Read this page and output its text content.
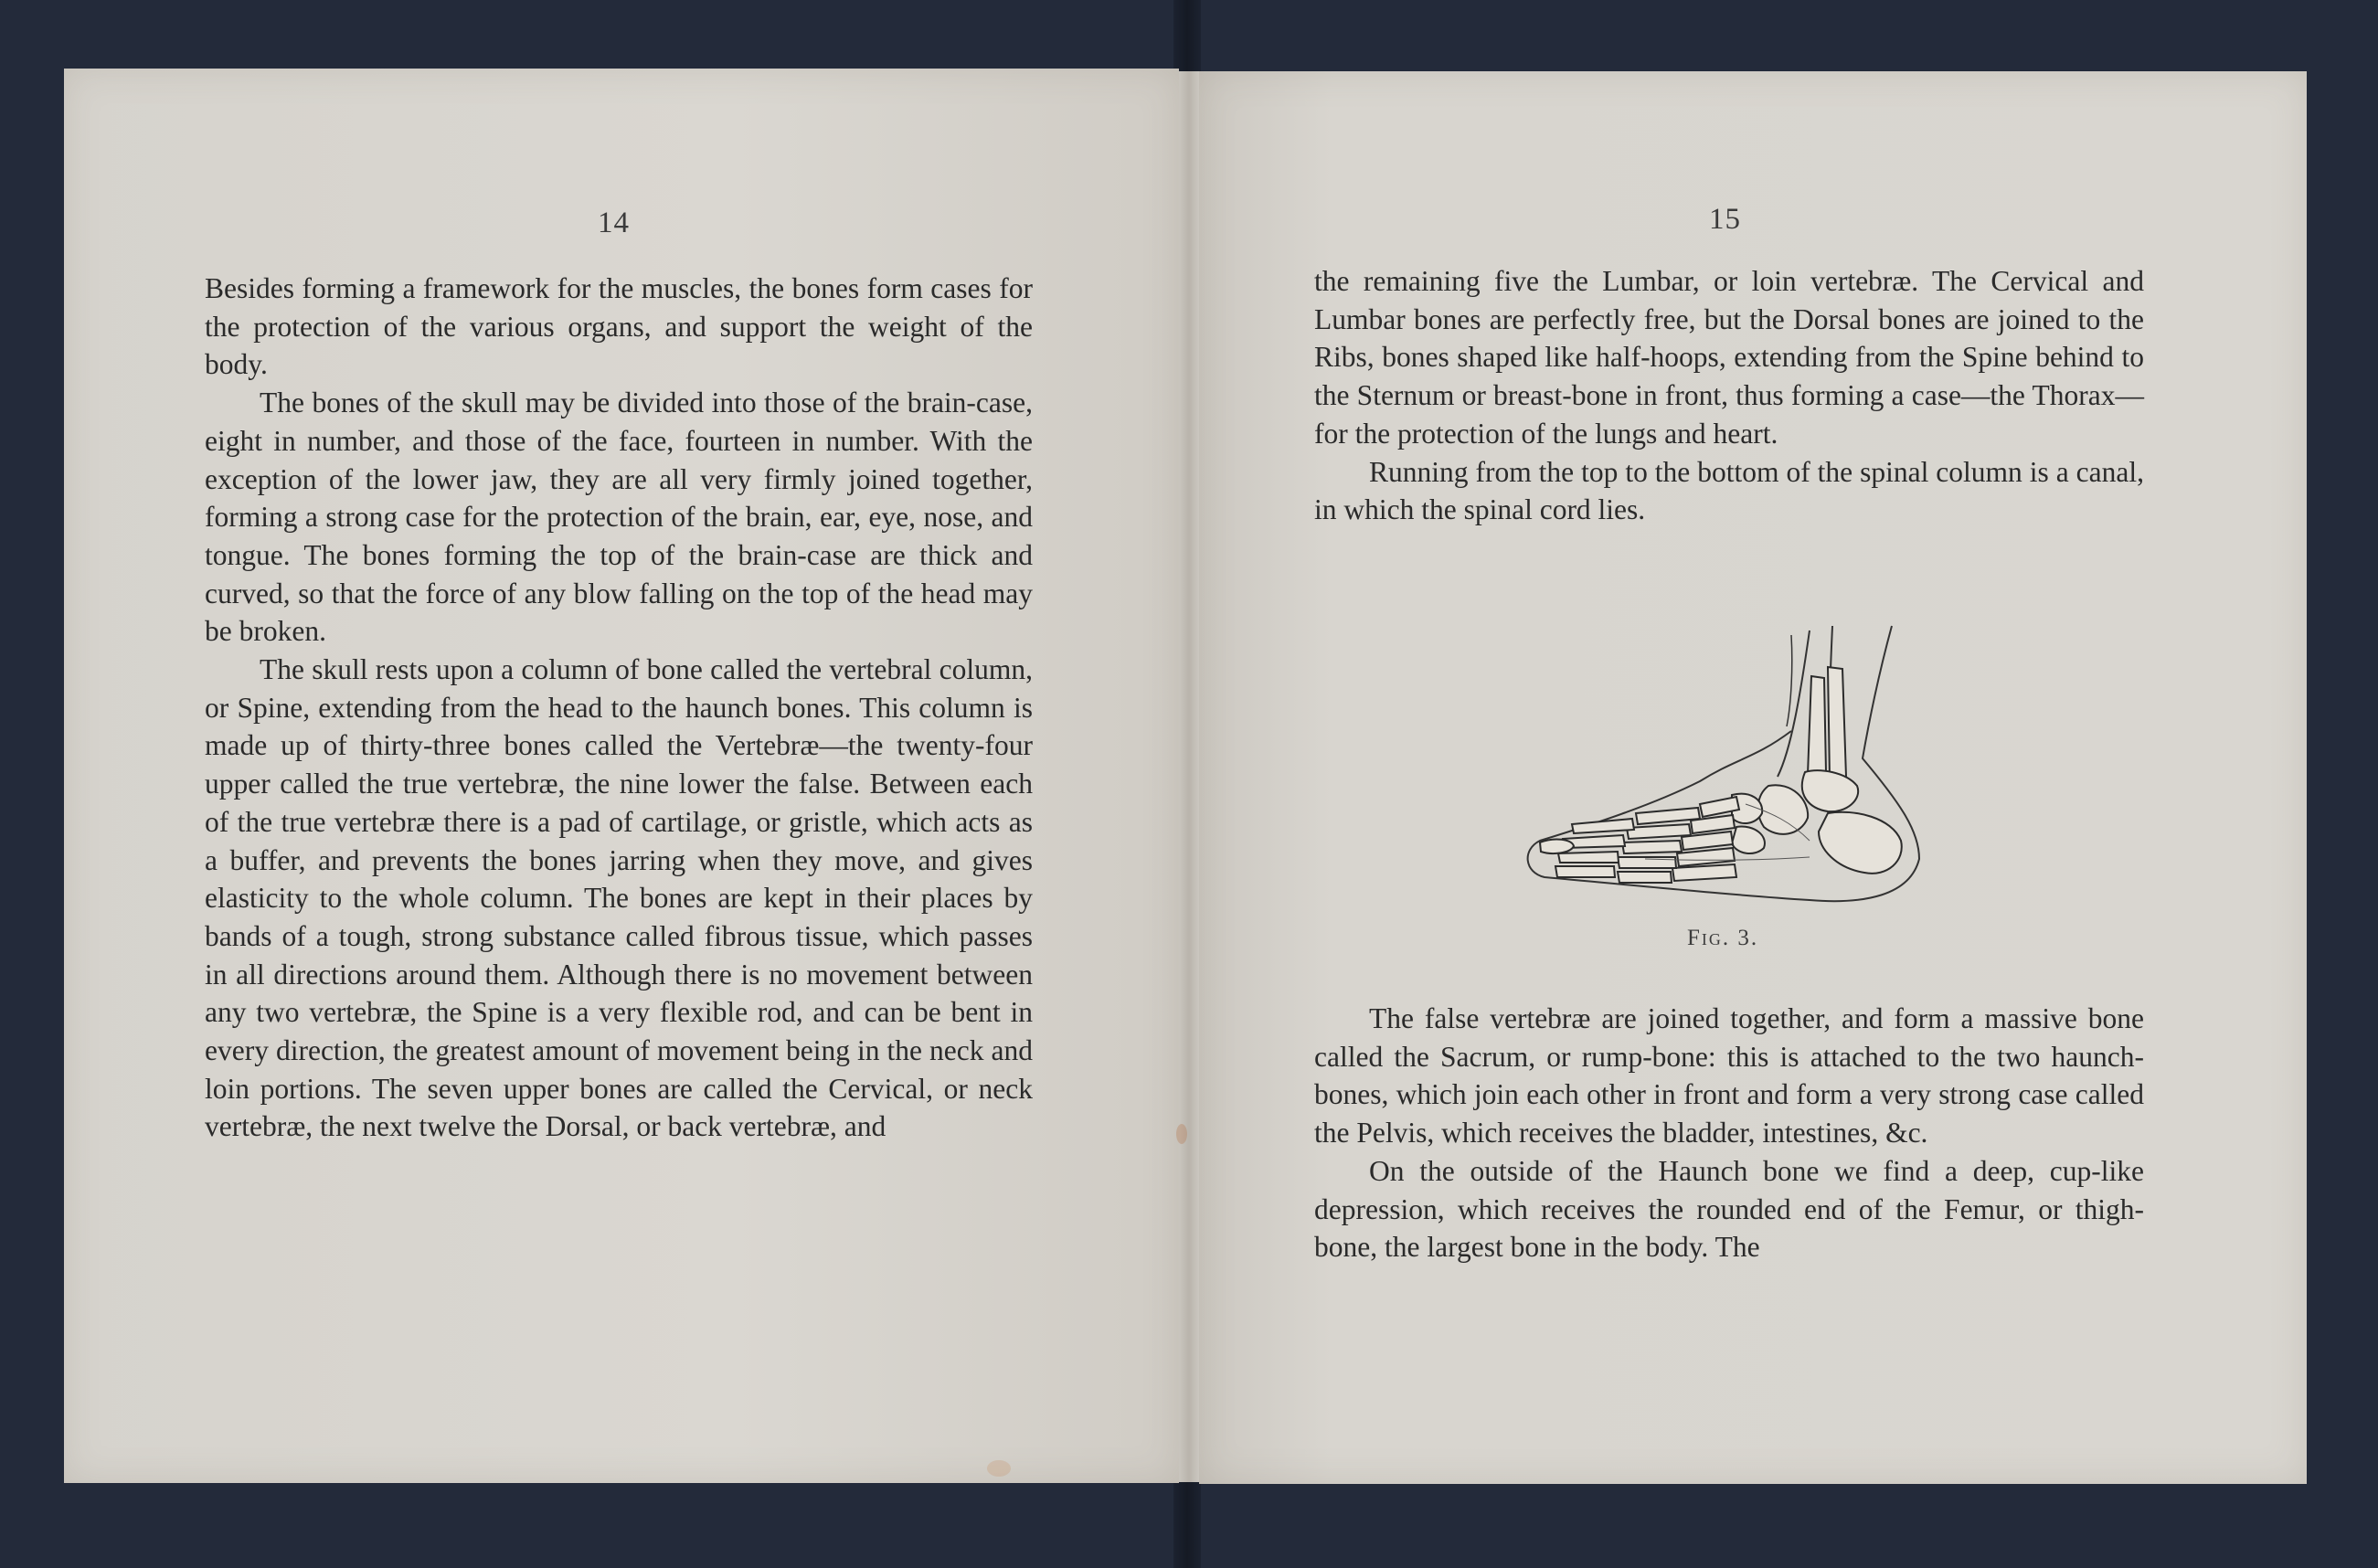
14

Besides forming a framework for the muscles, the bones form cases for the protection of the various organs, and support the weight of the body.

The bones of the skull may be divided into those of the brain-case, eight in number, and those of the face, fourteen in number. With the exception of the lower jaw, they are all very firmly joined together, forming a strong case for the protection of the brain, ear, eye, nose, and tongue. The bones forming the top of the brain-case are thick and curved, so that the force of any blow falling on the top of the head may be broken.

The skull rests upon a column of bone called the vertebral column, or Spine, extending from the head to the haunch bones. This column is made up of thirty-three bones called the Vertebræ—the twenty-four upper called the true vertebræ, the nine lower the false. Between each of the true vertebræ there is a pad of cartilage, or gristle, which acts as a buffer, and prevents the bones jarring when they move, and gives elasticity to the whole column. The bones are kept in their places by bands of a tough, strong substance called fibrous tissue, which passes in all directions around them. Although there is no movement between any two vertebræ, the Spine is a very flexible rod, and can be bent in every direction, the greatest amount of movement being in the neck and loin portions. The seven upper bones are called the Cervical, or neck vertebræ, the next twelve the Dorsal, or back vertebræ, and

15

the remaining five the Lumbar, or loin vertebræ. The Cervical and Lumbar bones are perfectly free, but the Dorsal bones are joined to the Ribs, bones shaped like half-hoops, extending from the Spine behind to the Sternum or breast-bone in front, thus forming a case—the Thorax—for the protection of the lungs and heart.

Running from the top to the bottom of the spinal column is a canal, in which the spinal cord lies.

Fig. 3.

The false vertebræ are joined together, and form a massive bone called the Sacrum, or rump-bone: this is attached to the two haunch-bones, which join each other in front and form a very strong case called the Pelvis, which receives the bladder, intestines, &c.

On the outside of the Haunch bone we find a deep, cup-like depression, which receives the rounded end of the Femur, or thigh-bone, the largest bone in the body. The
